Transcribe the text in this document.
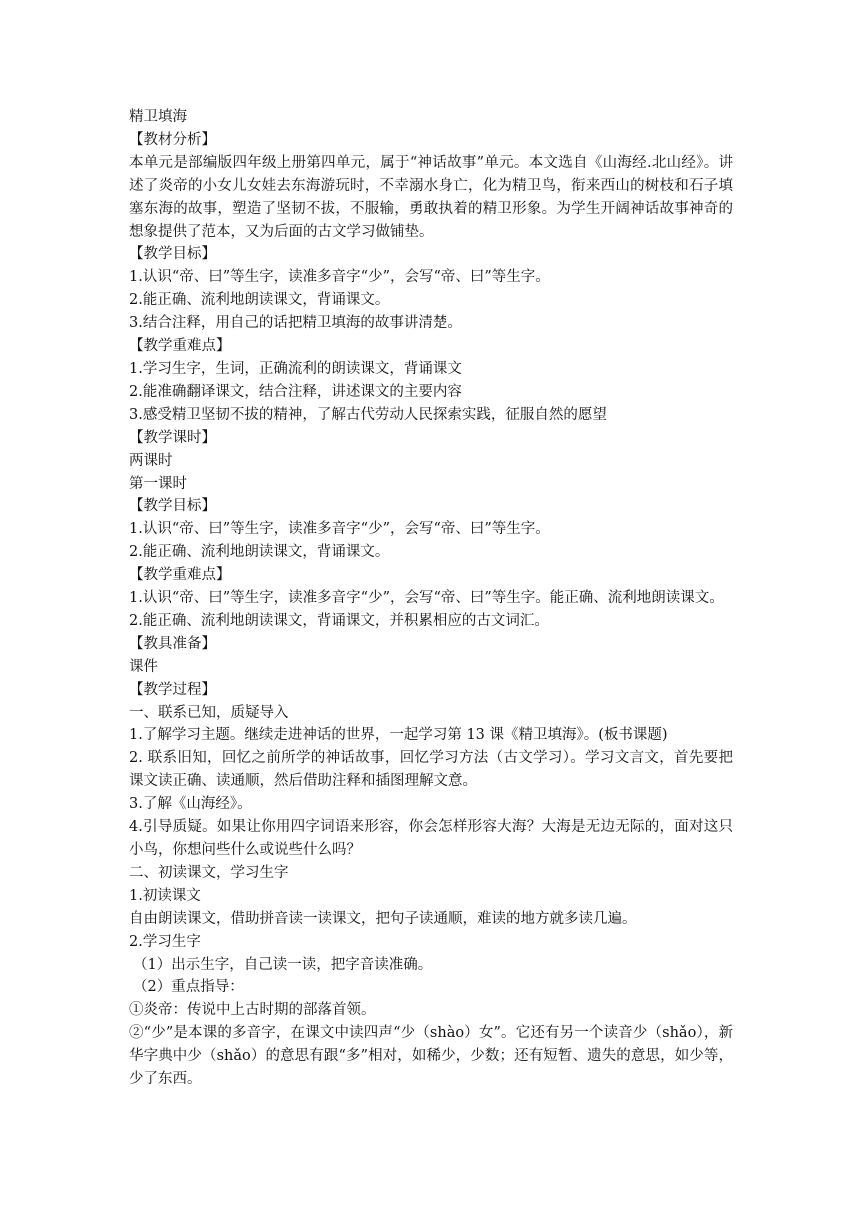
精卫填海
【教材分析】
本单元是部编版四年级上册第四单元，属于“神话故事”单元。本文选自《山海经.北山经》。讲述了炎帝的小女儿女娃去东海游玩时，不幸溺水身亡，化为精卫鸟，衔来西山的树枝和石子填塞东海的故事，塑造了坚韧不拔，不服输，勇敢执着的精卫形象。为学生开阔神话故事神奇的想象提供了范本，又为后面的古文学习做铺垫。
【教学目标】
1.认识“帝、曰”等生字，读准多音字“少”，会写“帝、曰”等生字。
2.能正确、流利地朗读课文，背诵课文。
3.结合注释，用自己的话把精卫填海的故事讲清楚。
【教学重难点】
1.学习生字，生词，正确流利的朗读课文，背诵课文
2.能准确翻译课文，结合注释，讲述课文的主要内容
3.感受精卫坚韧不拔的精神，了解古代劳动人民探索实践，征服自然的愿望
【教学课时】
两课时
第一课时
【教学目标】
1.认识“帝、曰”等生字，读准多音字“少”，会写“帝、曰”等生字。
2.能正确、流利地朗读课文，背诵课文。
【教学重难点】
1.认识“帝、曰”等生字，读准多音字“少”，会写“帝、曰”等生字。能正确、流利地朗读课文。
2.能正确、流利地朗读课文，背诵课文，并积累相应的古文词汇。
【教具准备】
课件
【教学过程】
一、联系已知，质疑导入
1.了解学习主题。继续走进神话的世界，一起学习第 13 课《精卫填海》。(板书课题)
2. 联系旧知，回忆之前所学的神话故事，回忆学习方法（古文学习）。学习文言文，首先要把课文读正确、读通顺，然后借助注释和插图理解文意。
3.了解《山海经》。
4.引导质疑。如果让你用四字词语来形容，你会怎样形容大海？大海是无边无际的，面对这只小鸟，你想问些什么或说些什么吗？
二、初读课文，学习生字
1.初读课文
自由朗读课文，借助拼音读一读课文，把句子读通顺，难读的地方就多读几遍。
2.学习生字
（1）出示生字，自己读一读，把字音读准确。
（2）重点指导：
①炎帝：传说中上古时期的部落首领。
②“少”是本课的多音字，在课文中读四声“少（shào）女”。它还有另一个读音少（shǎo），新华字典中少（shǎo）的意思有跟“多”相对，如稀少，少数；还有短暂、遗失的意思，如少等，少了东西。
